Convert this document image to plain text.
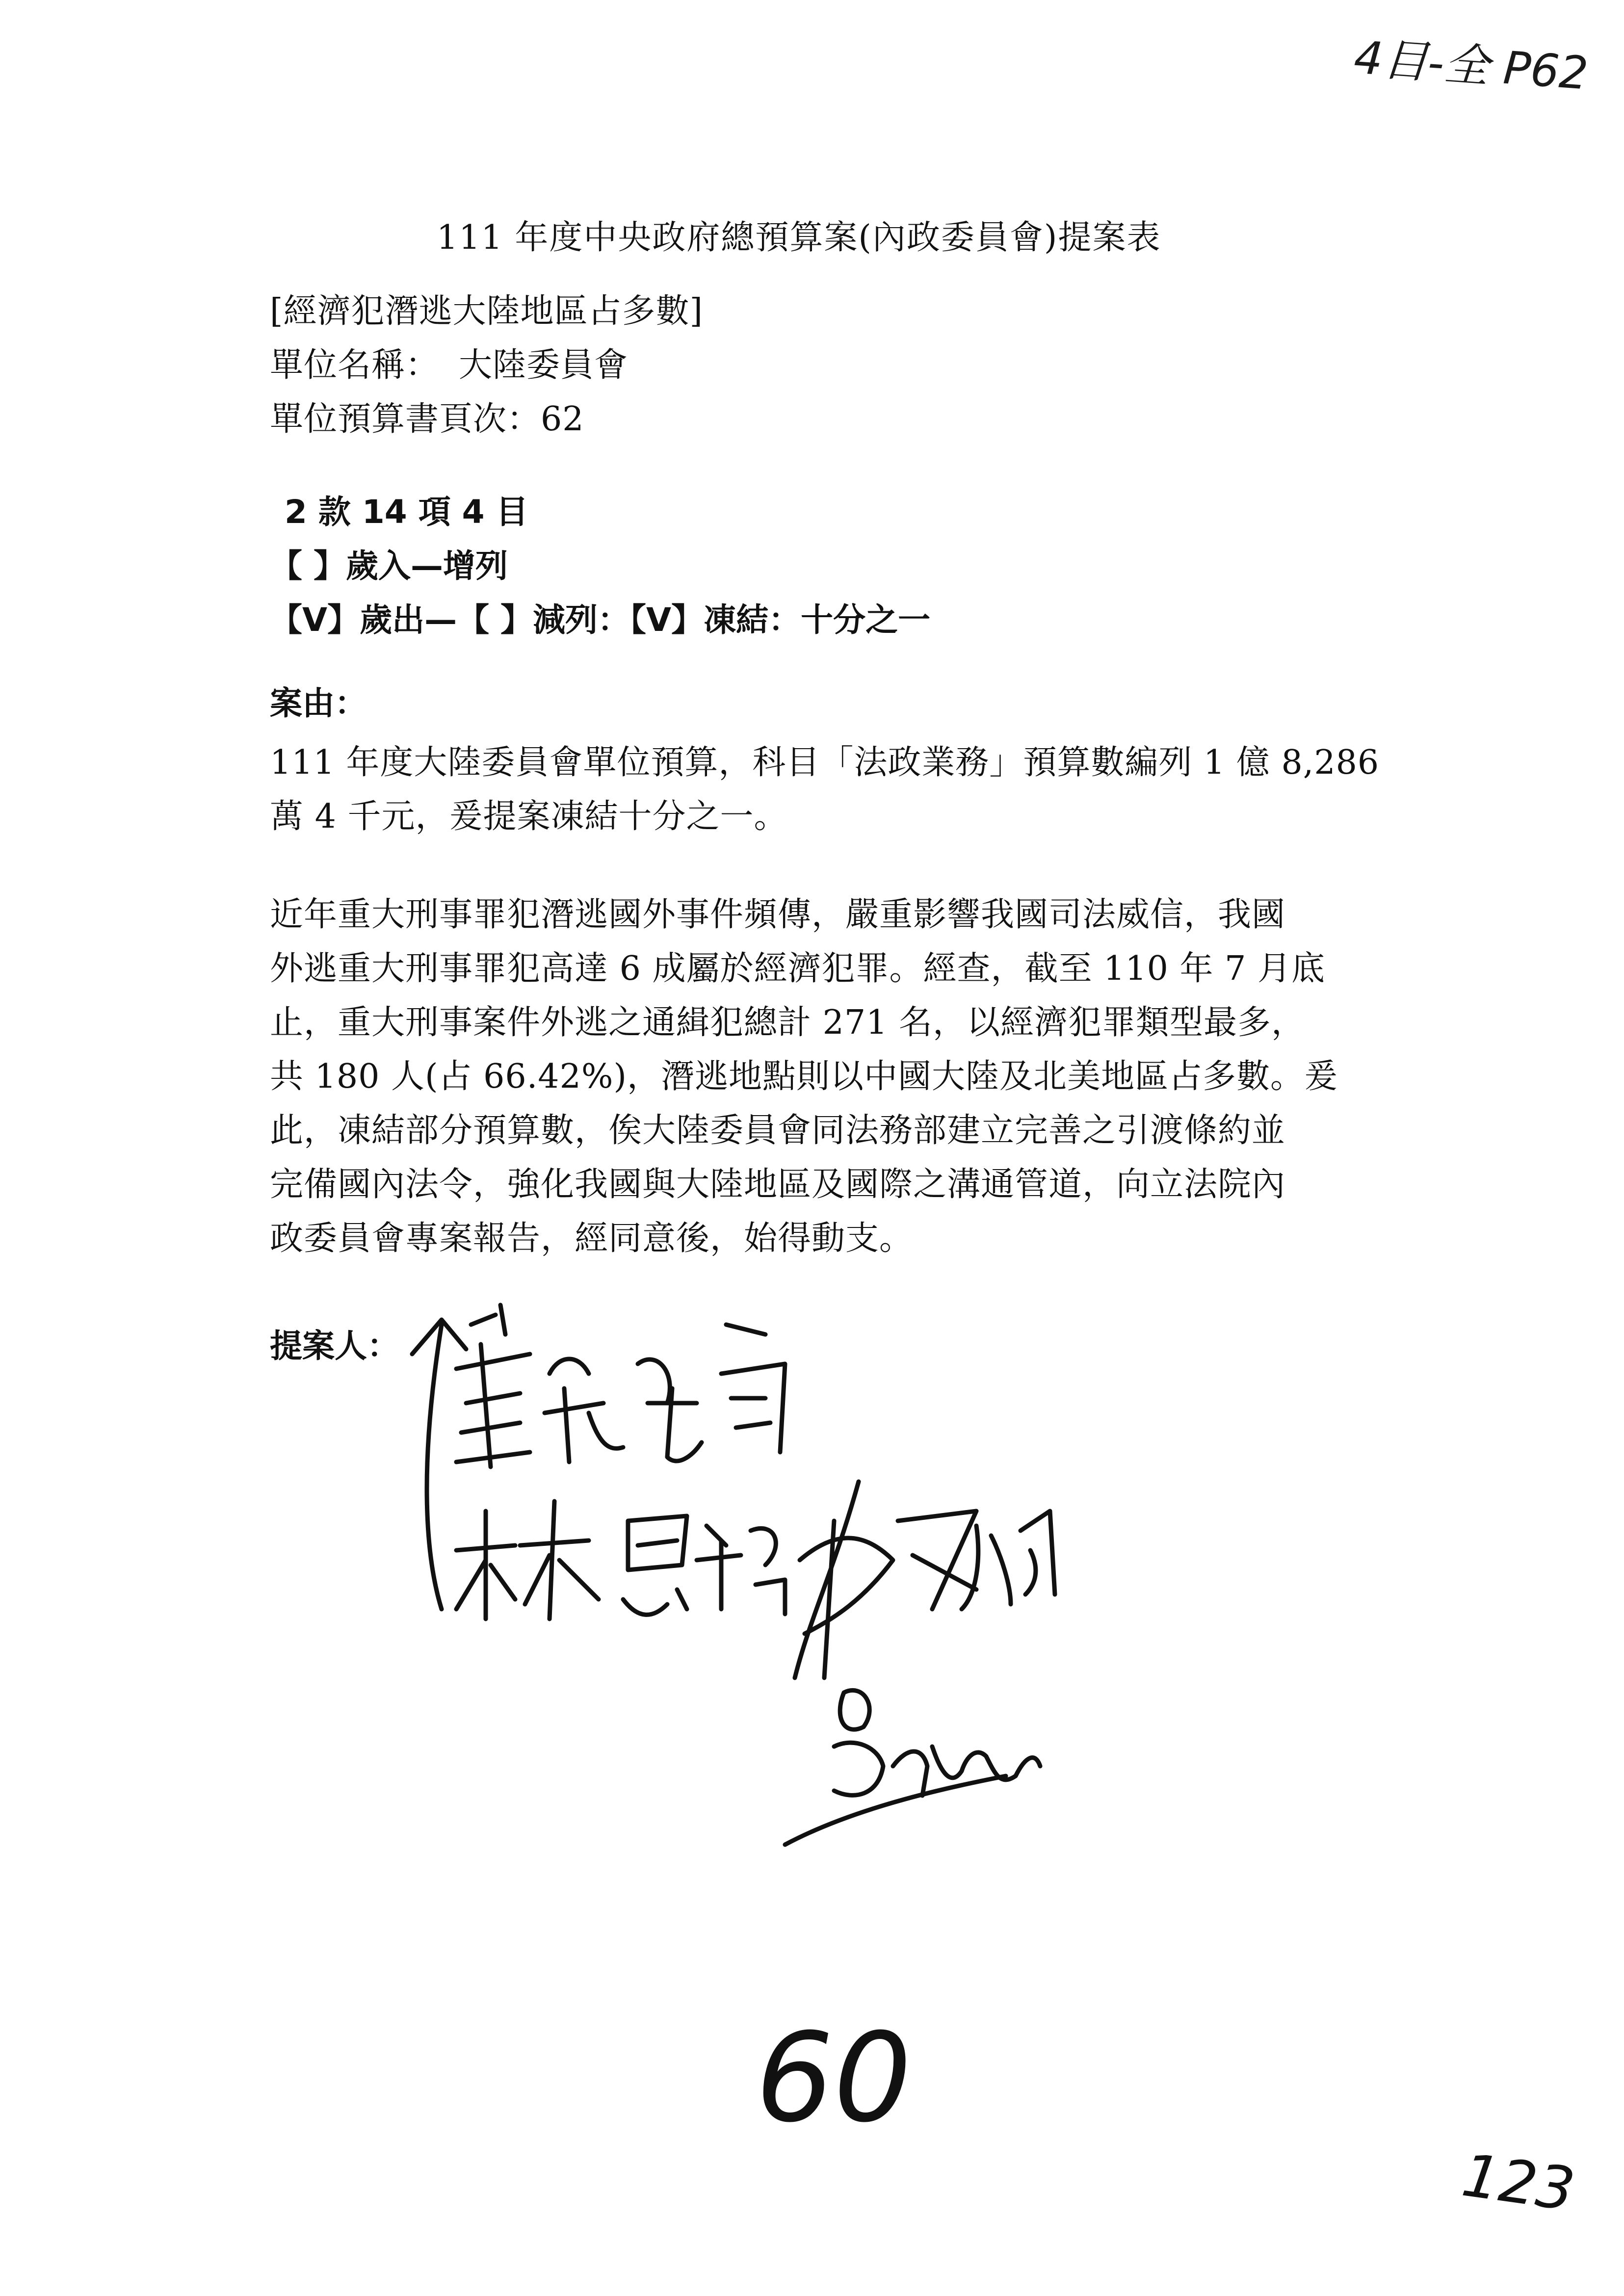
4目-全 P62
111 年度中央政府總預算案(內政委員會)提案表
[經濟犯潛逃大陸地區占多數]
單位名稱： 大陸委員會
單位預算書頁次：62
2 款 14 項 4 目
【 】歲入—增列
【V】歲出—【 】減列：【V】凍結：十分之一
案由：
111 年度大陸委員會單位預算，科目「法政業務」預算數編列 1 億 8,286
萬 4 千元，爰提案凍結十分之一。
近年重大刑事罪犯潛逃國外事件頻傳，嚴重影響我國司法威信，我國
外逃重大刑事罪犯高達 6 成屬於經濟犯罪。經查，截至 110 年 7 月底
止，重大刑事案件外逃之通緝犯總計 271 名，以經濟犯罪類型最多，
共 180 人(占 66.42%)，潛逃地點則以中國大陸及北美地區占多數。爰
此，凍結部分預算數，俟大陸委員會同法務部建立完善之引渡條約並
完備國內法令，強化我國與大陸地區及國際之溝通管道，向立法院內
政委員會專案報告，經同意後，始得動支。
提案人：
60
123
